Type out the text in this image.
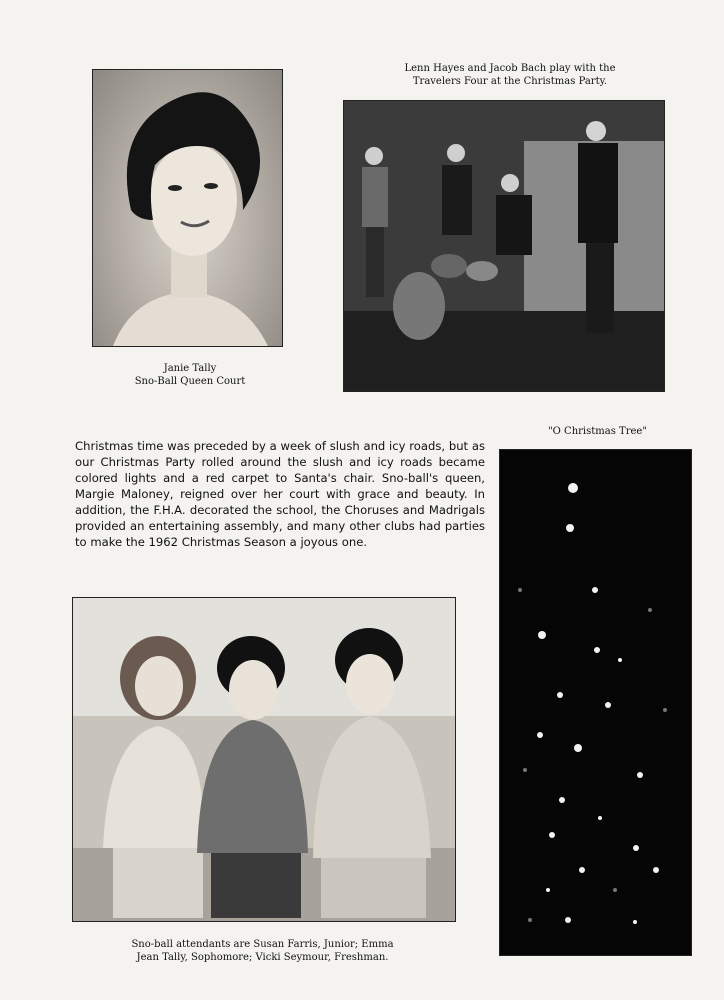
Janie Tally
Sno-Ball Queen Court
Lenn Hayes and Jacob Bach play with the
Travelers Four at the Christmas Party.
"O Christmas Tree"
Christmas time was preceded by a week of slush and icy roads, but as our Christmas Party rolled around the slush and icy roads became colored lights and a red carpet to Santa's chair. Sno-ball's queen, Margie Maloney, reigned over her court with grace and beauty. In addition, the F.H.A. decorated the school, the Choruses and Madrigals provided an entertaining assembly, and many other clubs had parties to make the 1962 Christmas Season a joyous one.
Sno-ball attendants are Susan Farris, Junior; Emma
Jean Tally, Sophomore; Vicki Seymour, Freshman.
